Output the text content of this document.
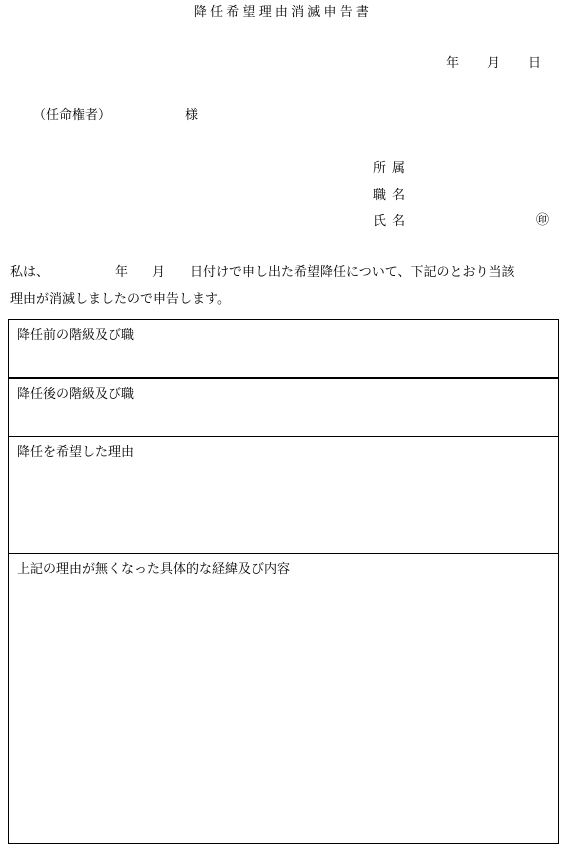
降任希望理由消滅申告書
年 月 日
（任命権者）	様
所属
職名
氏名	㊞
私は、	年 月 日付けで申し出た希望降任について、下記のとおり当該
理由が消滅しましたので申告します。
降任前の階級及び職
降任後の階級及び職
降任を希望した理由
上記の理由が無くなった具体的な経緯及び内容
